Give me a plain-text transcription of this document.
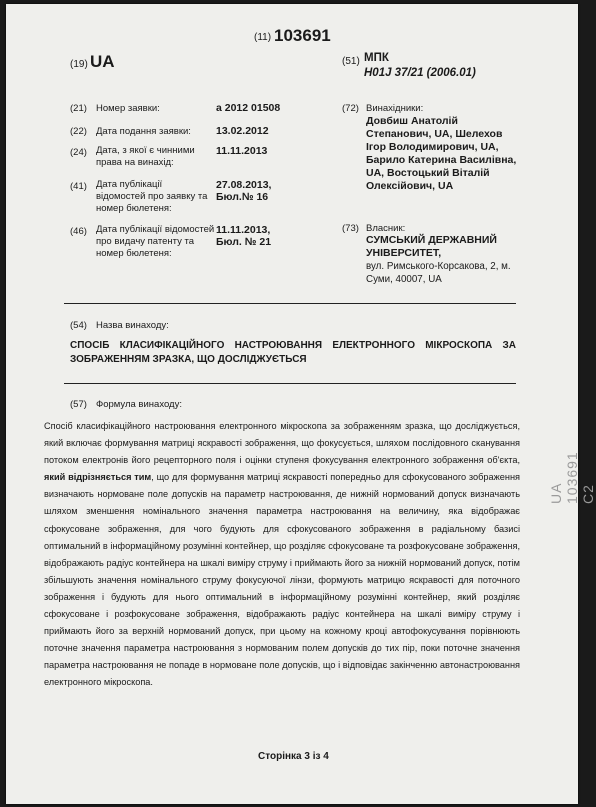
(11) 103691
(19) UA	(51) МПК
H01J 37/21 (2006.01)
(21) Номер заявки:	a 2012 01508
(22) Дата подання заявки:	13.02.2012
(24) Дата, з якої є чинними права на винахід:
11.11.2013
(41) Дата публікації відомостей про заявку та номер бюлетеня:
27.08.2013, Бюл.№ 16
(46) Дата публікації відомостей про видачу патенту та номер бюлетеня:
11.11.2013, Бюл. № 21
(72) Винахідники:
Довбиш Анатолій Степанович, UA, Шелехов Ігор Володимирович, UA, Барило Катерина Василівна, UA, Востоцький Віталій Олексійович, UA
(73) Власник:
СУМСЬКИЙ ДЕРЖАВНИЙ УНІВЕРСИТЕТ,
вул. Римського-Корсакова, 2, м. Суми, 40007, UA
(54) Назва винаходу:
СПОСІБ КЛАСИФІКАЦІЙНОГО НАСТРОЮВАННЯ ЕЛЕКТРОННОГО МІКРОСКОПА ЗА ЗОБРАЖЕННЯМ ЗРАЗКА, ЩО ДОСЛІДЖУЄТЬСЯ
(57) Формула винаходу:
Спосіб класифікаційного настроювання електронного мікроскопа за зображенням зразка, що досліджується, який включає формування матриці яскравості зображення, що фокусується, шляхом послідовного сканування потоком електронів його рецепторного поля і оцінки ступеня фокусування електронного зображення об'єкта, який відрізняється тим, що для формування матриці яскравості попередньо для сфокусованого зображення визначають нормоване поле допусків на параметр настроювання, де нижній нормований допуск визначають шляхом зменшення номінального значення параметра настроювання на величину, яка відображає сфокусоване зображення, для чого будують для сфокусованого зображення в радіальному базисі оптимальний в інформаційному розумінні контейнер, що розділяє сфокусоване та розфокусоване зображення, відображають радіус контейнера на шкалі виміру струму і приймають його за нижній нормований допуск, потім збільшують значення номінального струму фокусуючої лінзи, формують матрицю яскравості для поточного зображення і будують для нього оптимальний в інформаційному розумінні контейнер, який розділяє сфокусоване і розфокусоване зображення, відображають радіус контейнера на шкалі виміру струму і приймають його за верхній нормований допуск, при цьому на кожному кроці автофокусування порівнюють поточне значення параметра настроювання з нормованим полем допусків до тих пір, поки поточне значення параметра настроювання не попаде в нормоване поле допусків, що і відповідає закінченню автонастроювання електронного мікроскопа.
UA 103691 C2
Сторінка 3 із 4
